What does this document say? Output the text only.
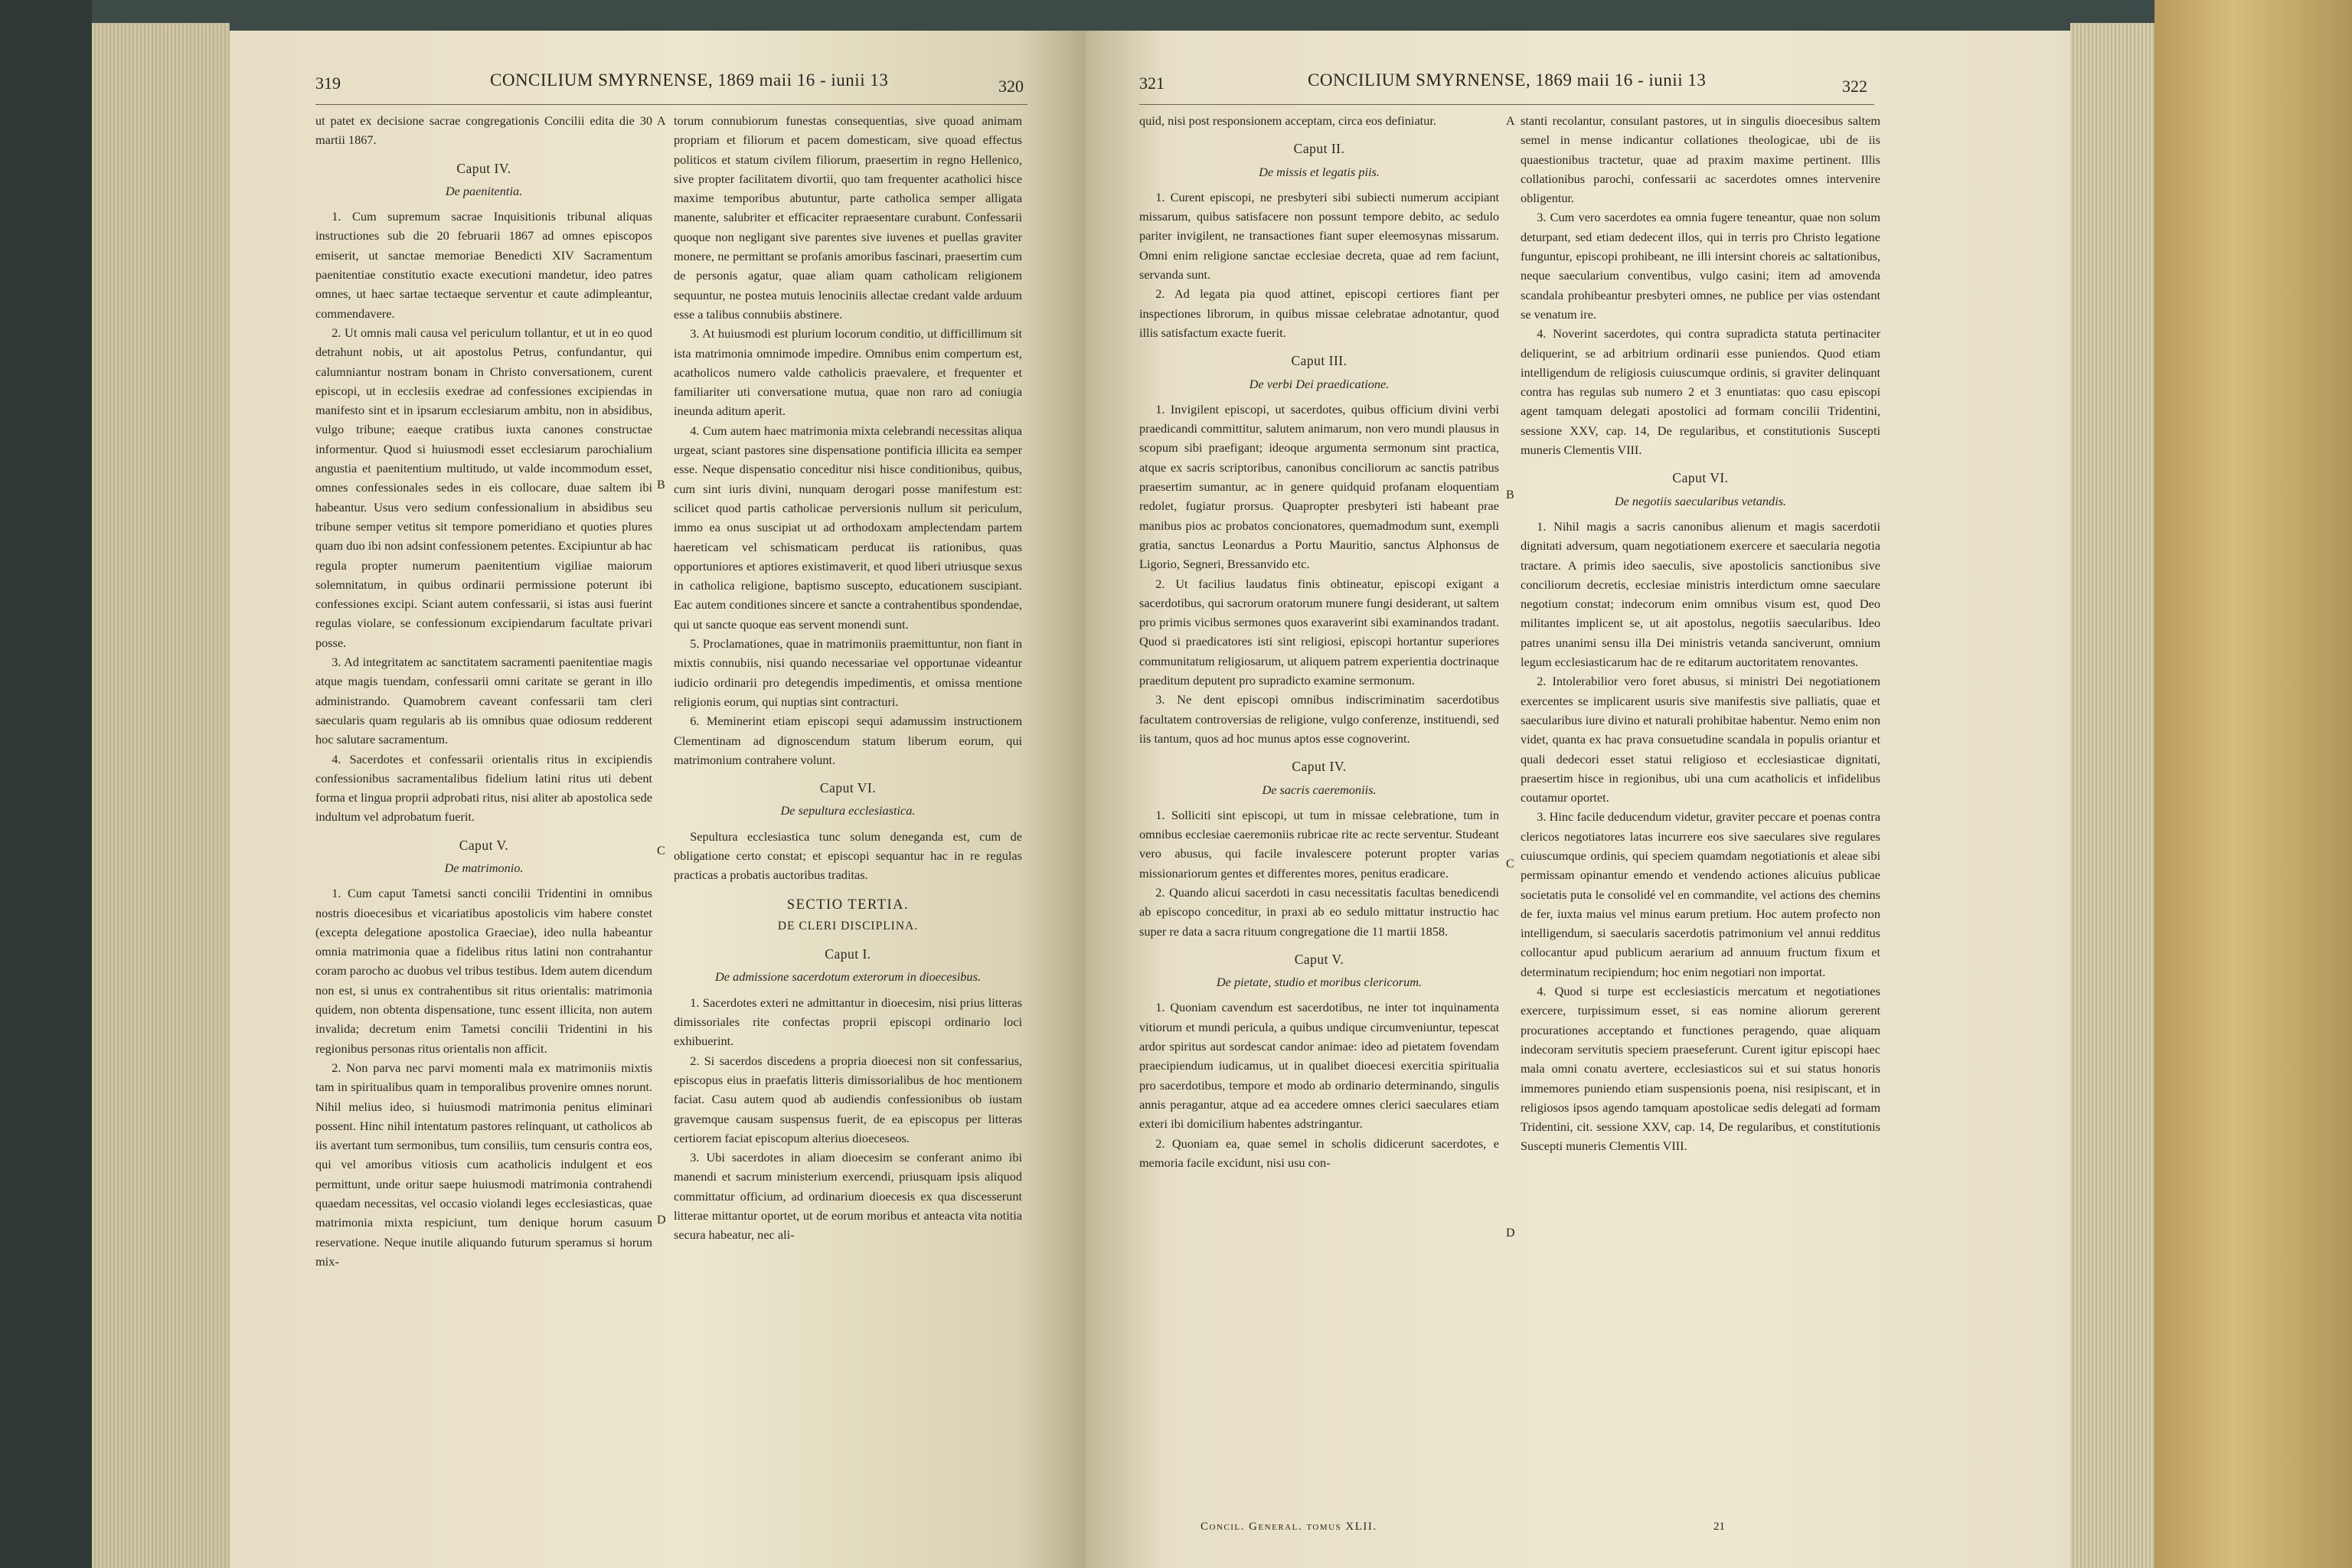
319	CONCILIUM SMYRNENSE, 1869 maii 16 - iunii 13	320

ut patet ex decisione sacrae congregationis Concilii edita die 30 martii 1867.

Caput IV.

De paenitentia.

1. Cum supremum sacrae Inquisitionis tribunal aliquas instructiones sub die 20 februarii 1867 ad omnes episcopos emiserit, ut sanctae memoriae Benedicti XIV Sacramentum paenitentiae constitutio exacte executioni mandetur, ideo patres omnes, ut haec sartae tectaeque serventur et caute adimpleantur, commendavere.

2. Ut omnis mali causa vel periculum tollantur, et ut in eo quod detrahunt nobis, ut ait apostolus Petrus, confundantur, qui calumniantur nostram bonam in Christo conversationem, curent episcopi, ut in ecclesiis exedrae ad confessiones excipiendas in manifesto sint et in ipsarum ecclesiarum ambitu, non in absidibus, vulgo tribune; eaeque cratibus iuxta canones constructae informentur. Quod si huiusmodi esset ecclesiarum parochialium angustia et paenitentium multitudo, ut valde incommodum esset, omnes confessionales sedes in eis collocare, duae saltem ibi habeantur. Usus vero sedium confessionalium in absidibus seu tribune semper vetitus sit tempore pomeridiano et quoties plures quam duo ibi non adsint confessionem petentes. Excipiuntur ab hac regula propter numerum paenitentium vigiliae maiorum solemnitatum, in quibus ordinarii permissione poterunt ibi confessiones excipi. Sciant autem confessarii, si istas ausi fuerint regulas violare, se confessionum excipiendarum facultate privari posse.

3. Ad integritatem ac sanctitatem sacramenti paenitentiae magis atque magis tuendam, confessarii omni caritate se gerant in illo administrando. Quamobrem caveant confessarii tam cleri saecularis quam regularis ab iis omnibus quae odiosum redderent hoc salutare sacramentum.

4. Sacerdotes et confessarii orientalis ritus in excipiendis confessionibus sacramentalibus fidelium latini ritus uti debent forma et lingua proprii adprobati ritus, nisi aliter ab apostolica sede indultum vel adprobatum fuerit.

Caput V.

De matrimonio.

1. Cum caput Tametsi sancti concilii Tridentini in omnibus nostris dioecesibus et vicariatibus apostolicis vim habere constet (excepta delegatione apostolica Graeciae), ideo nulla habeantur omnia matrimonia quae a fidelibus ritus latini non contrahantur coram parocho ac duobus vel tribus testibus. Idem autem dicendum non est, si unus ex contrahentibus sit ritus orientalis: matrimonia quidem, non obtenta dispensatione, tunc essent illicita, non autem invalida; decretum enim Tametsi concilii Tridentini in his regionibus personas ritus orientalis non afficit.

2. Non parva nec parvi momenti mala ex matrimoniis mixtis tam in spiritualibus quam in temporalibus provenire omnes norunt. Nihil melius ideo, si huiusmodi matrimonia penitus eliminari possent. Hinc nihil intentatum pastores relinquant, ut catholicos ab iis avertant tum sermonibus, tum consiliis, tum censuris contra eos, qui vel amoribus vitiosis cum acatholicis indulgent et eos permittunt, unde oritur saepe huiusmodi matrimonia contrahendi quaedam necessitas, vel occasio violandi leges ecclesiasticas, quae matrimonia mixta respiciunt, tum denique horum casuum reservatione. Neque inutile aliquando futurum speramus si horum mix-

torum connubiorum funestas consequentias, sive quoad animam propriam et filiorum et pacem domesticam, sive quoad effectus politicos et statum civilem filiorum, praesertim in regno Hellenico, sive propter facilitatem divortii, quo tam frequenter acatholici hisce maxime temporibus abutuntur, parte catholica semper alligata manente, salubriter et efficaciter repraesentare curabunt. Confessarii quoque non negligant sive parentes sive iuvenes et puellas graviter monere, ne permittant se profanis amoribus fascinari, praesertim cum de personis agatur, quae aliam quam catholicam religionem sequuntur, ne postea mutuis lenociniis allectae credant valde arduum esse a talibus connubiis abstinere.

3. At huiusmodi est plurium locorum conditio, ut difficillimum sit ista matrimonia omnimode impedire. Omnibus enim compertum est, acatholicos numero valde catholicis praevalere, et frequenter et familiariter uti conversatione mutua, quae non raro ad coniugia ineunda aditum aperit.

4. Cum autem haec matrimonia mixta celebrandi necessitas aliqua urgeat, sciant pastores sine dispensatione pontificia illicita ea semper esse. Neque dispensatio conceditur nisi hisce conditionibus, quibus, cum sint iuris divini, nunquam derogari posse manifestum est: scilicet quod partis catholicae perversionis nullum sit periculum, immo ea onus suscipiat ut ad orthodoxam amplectendam partem haereticam vel schismaticam perducat iis rationibus, quas opportuniores et aptiores existimaverit, et quod liberi utriusque sexus in catholica religione, baptismo suscepto, educationem suscipiant. Eac autem conditiones sincere et sancte a contrahentibus spondendae, qui ut sancte quoque eas servent monendi sunt.

5. Proclamationes, quae in matrimoniis praemittuntur, non fiant in mixtis connubiis, nisi quando necessariae vel opportunae videantur iudicio ordinarii pro detegendis impedimentis, et omissa mentione religionis eorum, qui nuptias sint contracturi.

6. Meminerint etiam episcopi sequi adamussim instructionem Clementinam ad dignoscendum statum liberum eorum, qui matrimonium contrahere volunt.

Caput VI.

De sepultura ecclesiastica.

Sepultura ecclesiastica tunc solum deneganda est, cum de obligatione certo constat; et episcopi sequantur hac in re regulas practicas a probatis auctoribus traditas.

SECTIO TERTIA.

DE CLERI DISCIPLINA.

Caput I.

De admissione sacerdotum exterorum in dioecesibus.

1. Sacerdotes exteri ne admittantur in dioecesim, nisi prius litteras dimissoriales rite confectas proprii episcopi ordinario loci exhibuerint.

2. Si sacerdos discedens a propria dioecesi non sit confessarius, episcopus eius in praefatis litteris dimissorialibus de hoc mentionem faciat. Casu autem quod ab audiendis confessionibus ob iustam gravemque causam suspensus fuerit, de ea episcopus per litteras certiorem faciat episcopum alterius dioeceseos.

3. Ubi sacerdotes in aliam dioecesim se conferant animo ibi manendi et sacrum ministerium exercendi, priusquam ipsis aliquod committatur officium, ad ordinarium dioecesis ex qua discesserunt litterae mittantur oportet, ut de eorum moribus et anteacta vita notitia secura habeatur, nec ali-

A
B
C
D
321	CONCILIUM SMYRNENSE, 1869 maii 16 - iunii 13	322

quid, nisi post responsionem acceptam, circa eos definiatur.

Caput II.

De missis et legatis piis.

1. Curent episcopi, ne presbyteri sibi subiecti numerum accipiant missarum, quibus satisfacere non possunt tempore debito, ac sedulo pariter invigilent, ne transactiones fiant super eleemosynas missarum. Omni enim religione sanctae ecclesiae decreta, quae ad rem faciunt, servanda sunt.

2. Ad legata pia quod attinet, episcopi certiores fiant per inspectiones librorum, in quibus missae celebratae adnotantur, quod illis satisfactum exacte fuerit.

Caput III.

De verbi Dei praedicatione.

1. Invigilent episcopi, ut sacerdotes, quibus officium divini verbi praedicandi committitur, salutem animarum, non vero mundi plausus in scopum sibi praefigant; ideoque argumenta sermonum sint practica, atque ex sacris scriptoribus, canonibus conciliorum ac sanctis patribus praesertim sumantur, ac in genere quidquid profanam eloquentiam redolet, fugiatur prorsus. Quapropter presbyteri isti habeant prae manibus pios ac probatos concionatores, quemadmodum sunt, exempli gratia, sanctus Leonardus a Portu Mauritio, sanctus Alphonsus de Ligorio, Segneri, Bressanvido etc.

2. Ut facilius laudatus finis obtineatur, episcopi exigant a sacerdotibus, qui sacrorum oratorum munere fungi desiderant, ut saltem pro primis vicibus sermones quos exaraverint sibi examinandos tradant. Quod si praedicatores isti sint religiosi, episcopi hortantur superiores communitatum religiosarum, ut aliquem patrem experientia doctrinaque praeditum deputent pro supradicto examine sermonum.

3. Ne dent episcopi omnibus indiscriminatim sacerdotibus facultatem controversias de religione, vulgo conferenze, instituendi, sed iis tantum, quos ad hoc munus aptos esse cognoverint.

Caput IV.

De sacris caeremoniis.

1. Solliciti sint episcopi, ut tum in missae celebratione, tum in omnibus ecclesiae caeremoniis rubricae rite ac recte serventur. Studeant vero abusus, qui facile invalescere poterunt propter varias missionariorum gentes et differentes mores, penitus eradicare.

2. Quando alicui sacerdoti in casu necessitatis facultas benedicendi ab episcopo conceditur, in praxi ab eo sedulo mittatur instructio hac super re data a sacra rituum congregatione die 11 martii 1858.

Caput V.

De pietate, studio et moribus clericorum.

1. Quoniam cavendum est sacerdotibus, ne inter tot inquinamenta vitiorum et mundi pericula, a quibus undique circumveniuntur, tepescat ardor spiritus aut sordescat candor animae: ideo ad pietatem fovendam praecipiendum iudicamus, ut in qualibet dioecesi exercitia spiritualia pro sacerdotibus, tempore et modo ab ordinario determinando, singulis annis peragantur, atque ad ea accedere omnes clerici saeculares etiam exteri ibi domicilium habentes adstringantur.

2. Quoniam ea, quae semel in scholis didicerunt sacerdotes, e memoria facile excidunt, nisi usu con-

stanti recolantur, consulant pastores, ut in singulis dioecesibus saltem semel in mense indicantur collationes theologicae, ubi de iis quaestionibus tractetur, quae ad praxim maxime pertinent. Illis collationibus parochi, confessarii ac sacerdotes omnes intervenire obligentur.

3. Cum vero sacerdotes ea omnia fugere teneantur, quae non solum deturpant, sed etiam dedecent illos, qui in terris pro Christo legatione funguntur, episcopi prohibeant, ne illi intersint choreis ac saltationibus, neque saecularium conventibus, vulgo casini; item ad amovenda scandala prohibeantur presbyteri omnes, ne publice per vias ostendant se venatum ire.

4. Noverint sacerdotes, qui contra supradicta statuta pertinaciter deliquerint, se ad arbitrium ordinarii esse puniendos. Quod etiam intelligendum de religiosis cuiuscumque ordinis, si graviter delinquant contra has regulas sub numero 2 et 3 enuntiatas: quo casu episcopi agent tamquam delegati apostolici ad formam concilii Tridentini, sessione XXV, cap. 14, De regularibus, et constitutionis Suscepti muneris Clementis VIII.

Caput VI.

De negotiis saecularibus vetandis.

1. Nihil magis a sacris canonibus alienum et magis sacerdotii dignitati adversum, quam negotiationem exercere et saecularia negotia tractare. A primis ideo saeculis, sive apostolicis sanctionibus sive conciliorum decretis, ecclesiae ministris interdictum omne saeculare negotium constat; indecorum enim omnibus visum est, quod Deo militantes implicent se, ut ait apostolus, negotiis saecularibus. Ideo patres unanimi sensu illa Dei ministris vetanda sanciverunt, omnium legum ecclesiasticarum hac de re editarum auctoritatem renovantes.

2. Intolerabilior vero foret abusus, si ministri Dei negotiationem exercentes se implicarent usuris sive manifestis sive palliatis, quae et saecularibus iure divino et naturali prohibitae habentur. Nemo enim non videt, quanta ex hac prava consuetudine scandala in populis oriantur et quali dedecori esset statui religioso et ecclesiasticae dignitati, praesertim hisce in regionibus, ubi una cum acatholicis et infidelibus coutamur oportet.

3. Hinc facile deducendum videtur, graviter peccare et poenas contra clericos negotiatores latas incurrere eos sive saeculares sive regulares cuiuscumque ordinis, qui speciem quamdam negotiationis et aleae sibi permissam opinantur emendo et vendendo actiones alicuius publicae societatis puta le consolidé vel en commandite, vel actions des chemins de fer, iuxta maius vel minus earum pretium. Hoc autem profecto non intelligendum, si saecularis sacerdotis patrimonium vel annui redditus collocantur apud publicum aerarium ad annuum fructum fixum et determinatum recipiendum; hoc enim negotiari non importat.

4. Quod si turpe est ecclesiasticis mercatum et negotiationes exercere, turpissimum esset, si eas nomine aliorum gererent procurationes acceptando et functiones peragendo, quae aliquam indecoram servitutis speciem praeseferunt. Curent igitur episcopi haec mala omni conatu avertere, ecclesiasticos sui et sui status honoris immemores puniendo etiam suspensionis poena, nisi resipiscant, et in religiosos ipsos agendo tamquam apostolicae sedis delegati ad formam Tridentini, cit. sessione XXV, cap. 14, De regularibus, et constitutionis Suscepti muneris Clementis VIII.

A
B
C
D
Concil. General. tomus XLII.	21
